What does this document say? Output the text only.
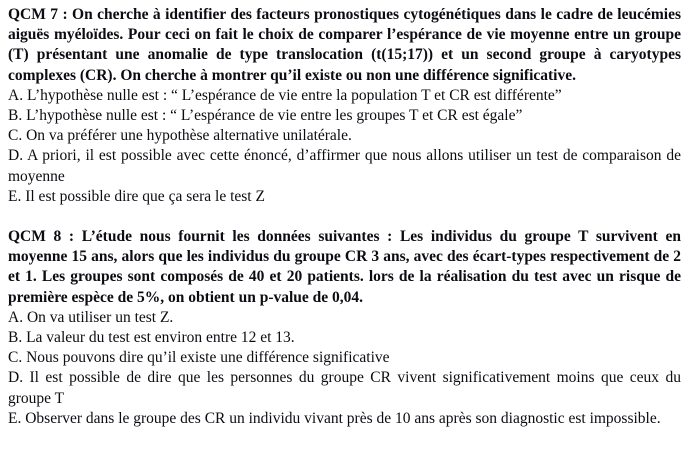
QCM 7 : On cherche à identifier des facteurs pronostiques cytogénétiques dans le cadre de leucémies aiguës myéloïdes. Pour ceci on fait le choix de comparer l’espérance de vie moyenne entre un groupe (T) présentant une anomalie de type translocation (t(15;17)) et un second groupe à caryotypes complexes (CR). On cherche à montrer qu’il existe ou non une différence significative.

A. L’hypothèse nulle est : “ L’espérance de vie entre la population T et CR est différente”

B. L’hypothèse nulle est : “ L’espérance de vie entre les groupes T et CR est égale”

C. On va préférer une hypothèse alternative unilatérale.

D. A priori, il est possible avec cette énoncé, d’affirmer que nous allons utiliser un test de comparaison de moyenne

E. Il est possible dire que ça sera le test Z

QCM 8 : L’étude nous fournit les données suivantes : Les individus du groupe T survivent en moyenne 15 ans, alors que les individus du groupe CR 3 ans, avec des écart-types respectivement de 2 et 1. Les groupes sont composés de 40 et 20 patients. lors de la réalisation du test avec un risque de première espèce de 5%, on obtient un p-value de 0,04.

A. On va utiliser un test Z.

B. La valeur du test est environ entre 12 et 13.

C. Nous pouvons dire qu’il existe une différence significative

D. Il est possible de dire que les personnes du groupe CR vivent significativement moins que ceux du groupe T

E. Observer dans le groupe des CR un individu vivant près de 10 ans après son diagnostic est impossible.
